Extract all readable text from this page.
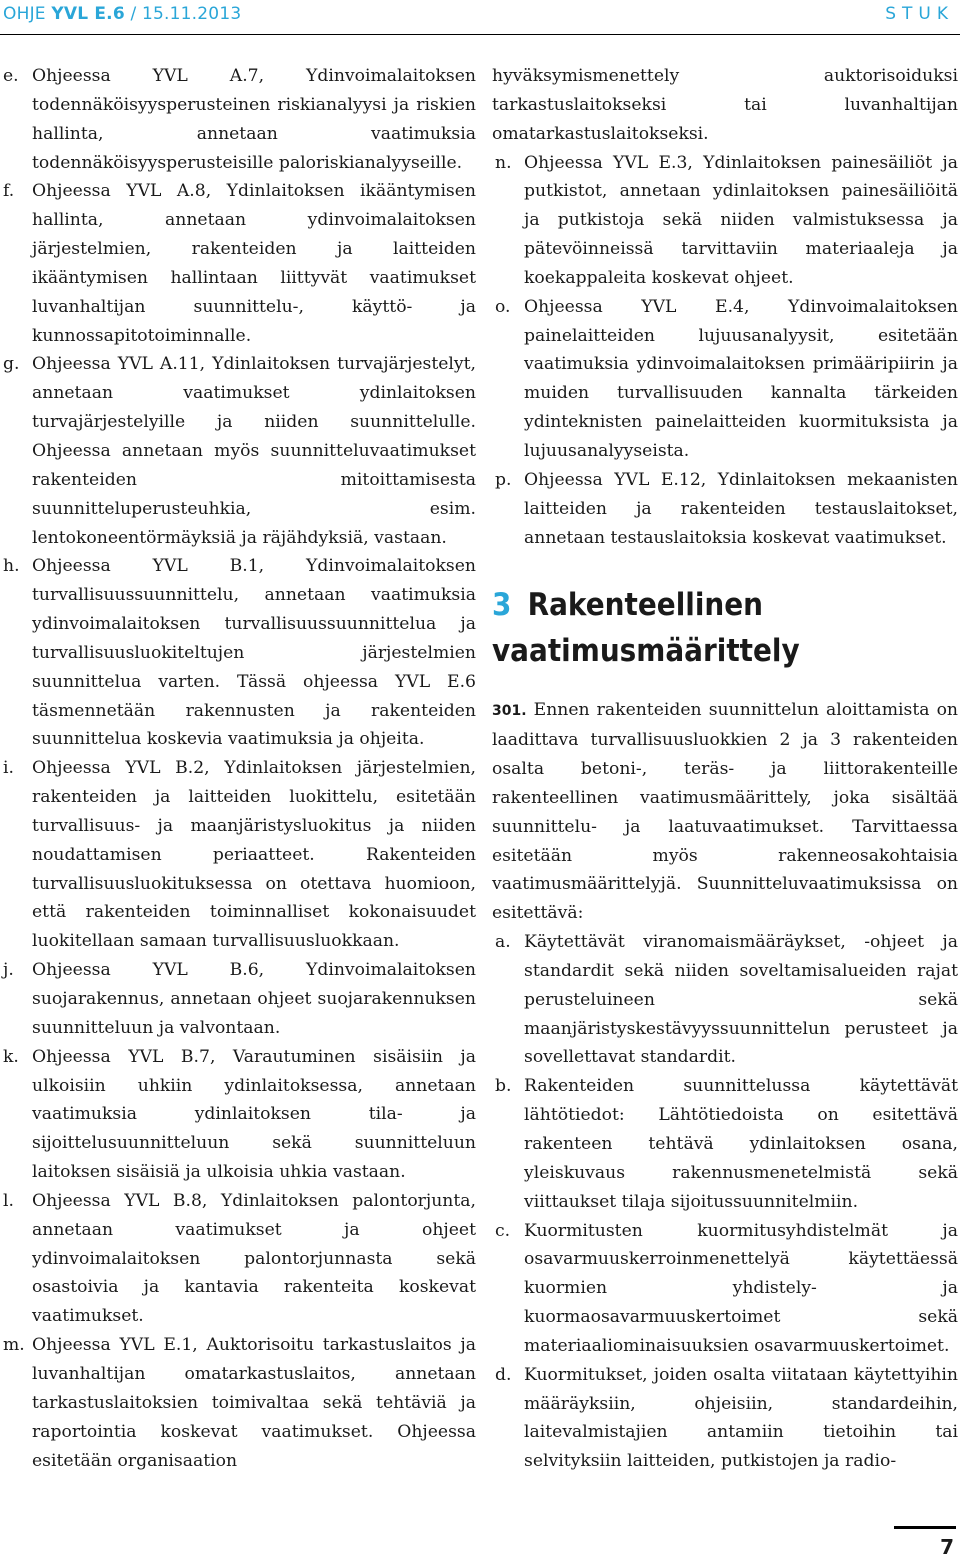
OHJE YVL E.6 / 15.11.2013	STUK
e. Ohjeessa YVL A.7, Ydinvoimalaitoksen todennäköisyysperusteinen riskianalyysi ja riskien hallinta, annetaan vaatimuksia todennäköisyysperusteisille paloriskianalyyseille.
f.	Ohjeessa YVL A.8, Ydinlaitoksen ikääntymisen hallinta, annetaan ydinvoimalaitoksen järjestelmien, rakenteiden ja laitteiden ikääntymisen hallintaan liittyvät vaatimukset luvanhaltijan suunnittelu-, käyttö- ja kunnossapitotoiminnalle.
g. Ohjeessa YVL A.11, Ydinlaitoksen turvajärjestelyt, annetaan vaatimukset ydinlaitoksen turvajärjestelyille ja niiden suunnittelulle. Ohjeessa annetaan myös suunnitteluvaatimukset rakenteiden mitoittamisesta suunnitteluperusteuhkia, esim. lentokoneentörmäyksiä ja räjähdyksiä, vastaan.
h. Ohjeessa YVL B.1, Ydinvoimalaitoksen turvallisuussuunnittelu, annetaan vaatimuksia ydinvoimalaitoksen turvallisuussuunnittelua ja turvallisuusluokiteltujen järjestelmien suunnittelua varten. Tässä ohjeessa YVL E.6 täsmennetään rakennusten ja rakenteiden suunnittelua koskevia vaatimuksia ja ohjeita.
i.	Ohjeessa YVL B.2, Ydinlaitoksen järjestelmien, rakenteiden ja laitteiden luokittelu, esitetään turvallisuus- ja maanjäristysluokitus ja niiden noudattamisen periaatteet. Rakenteiden turvallisuusluokituksessa on otettava huomioon, että rakenteiden toiminnalliset kokonaisuudet luokitellaan samaan turvallisuusluokkaan.
j.	Ohjeessa YVL B.6, Ydinvoimalaitoksen suojarakennus, annetaan ohjeet suojarakennuksen suunnitteluun ja valvontaan.
k. Ohjeessa YVL B.7, Varautuminen sisäisiin ja ulkoisiin uhkiin ydinlaitoksessa, annetaan vaatimuksia ydinlaitoksen tila- ja sijoittelusuunnitteluun sekä suunnitteluun laitoksen sisäisiä ja ulkoisia uhkia vastaan.
l.	Ohjeessa YVL B.8, Ydinlaitoksen palontorjunta, annetaan vaatimukset ja ohjeet ydinvoimalaitoksen palontorjunnasta sekä osastoivia ja kantavia rakenteita koskevat vaatimukset.
m. Ohjeessa YVL E.1, Auktorisoitu tarkastuslaitos ja luvanhaltijan omatarkastuslaitos, annetaan tarkastuslaitoksien toimivaltaa sekä tehtäviä ja raportointia koskevat vaatimukset. Ohjeessa esitetään organisaation
hyväksymismenettely auktorisoiduksi tarkastuslaitokseksi tai luvanhaltijan omatarkastuslaitokseksi.
n. Ohjeessa YVL E.3, Ydinlaitoksen painesäiliöt ja putkistot, annetaan ydinlaitoksen painesäiliöitä ja putkistoja sekä niiden valmistuksessa ja pätevöinneissä tarvittaviin materiaaleja ja koekappaleita koskevat ohjeet.
o. Ohjeessa YVL E.4, Ydinvoimalaitoksen painelaitteiden lujuusanalyysit, esitetään vaatimuksia ydinvoimalaitoksen primääripiirin ja muiden turvallisuuden kannalta tärkeiden ydinteknisten painelaitteiden kuormituksista ja lujuusanalyyseista.
p. Ohjeessa YVL E.12, Ydinlaitoksen mekaanisten laitteiden ja rakenteiden testauslaitokset, annetaan testauslaitoksia koskevat vaatimukset.
3 Rakenteellinen
vaatimusmäärittely
301. Ennen rakenteiden suunnittelun aloittamista on laadittava turvallisuusluokkien 2 ja 3 rakenteiden osalta betoni-, teräs- ja liittorakenteille rakenteellinen vaatimusmäärittely, joka sisältää suunnittelu- ja laatuvaatimukset. Tarvittaessa esitetään myös rakenneosakohtaisia vaatimusmäärittelyjä. Suunnitteluvaatimuksissa on esitettävä:
a. Käytettävät viranomaismääräykset, -ohjeet ja standardit sekä niiden soveltamisalueiden rajat perusteluineen sekä maanjäristyskestävyyssuunnittelun perusteet ja sovellettavat standardit.
b. Rakenteiden suunnittelussa käytettävät lähtötiedot: Lähtötiedoista on esitettävä rakenteen tehtävä ydinlaitoksen osana, yleiskuvaus rakennusmenetelmistä sekä viittaukset tilaja sijoitussuunnitelmiin.
c. Kuormitusten kuormitusyhdistelmät ja osavarmuuskerroinmenettelyä käytettäessä kuormien yhdistely- ja kuormaosavarmuuskertoimet sekä materiaaliominaisuuksien osavarmuuskertoimet.
d. Kuormitukset, joiden osalta viitataan käytettyihin määräyksiin, ohjeisiin, standardeihin, laitevalmistajien antamiin tietoihin tai selvityksiin laitteiden, putkistojen ja radio-
7
